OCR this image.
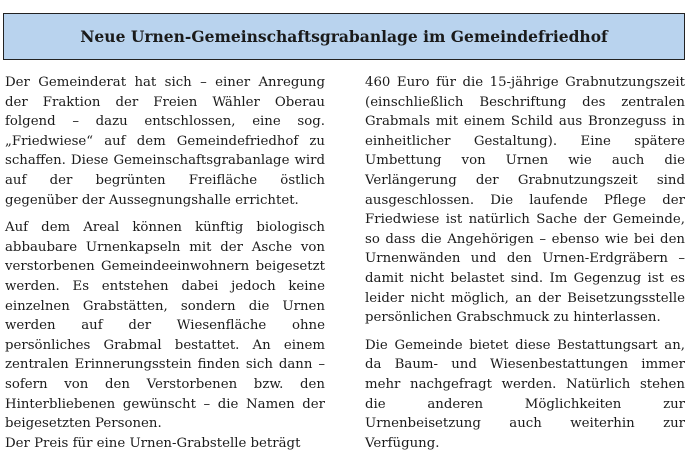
Neue Urnen-Gemeinschaftsgrabanlage im Gemeindefriedhof

Der Gemeinderat hat sich – einer Anregung der Fraktion der Freien Wähler Oberau folgend – dazu entschlossen, eine sog. „Friedwiese“ auf dem Gemeindefriedhof zu schaffen. Diese Gemeinschaftsgrabanlage wird auf der begrünten Freifläche östlich gegenüber der Aussegnungshalle errichtet.

Auf dem Areal können künftig biologisch abbaubare Urnenkapseln mit der Asche von verstorbenen Gemeindeeinwohnern beigesetzt werden. Es entstehen dabei jedoch keine einzelnen Grabstätten, sondern die Urnen werden auf der Wiesenfläche ohne persönliches Grabmal bestattet. An einem zentralen Erinnerungsstein finden sich dann – sofern von den Verstorbenen bzw. den Hinterbliebenen gewünscht – die Namen der beigesetzten Personen.

Der Preis für eine Urnen-Grabstelle beträgt

460 Euro für die 15-jährige Grabnutzungszeit (einschließlich Beschriftung des zentralen Grabmals mit einem Schild aus Bronzeguss in einheitlicher Gestaltung). Eine spätere Umbettung von Urnen wie auch die Verlängerung der Grabnutzungszeit sind ausgeschlossen. Die laufende Pflege der Friedwiese ist natürlich Sache der Gemeinde, so dass die Angehörigen – ebenso wie bei den Urnenwänden und den Urnen-Erdgräbern – damit nicht belastet sind. Im Gegenzug ist es leider nicht möglich, an der Beisetzungsstelle persönlichen Grabschmuck zu hinterlassen.

Die Gemeinde bietet diese Bestattungsart an, da Baum- und Wiesenbestattungen immer mehr nachgefragt werden. Natürlich stehen die anderen Möglichkeiten zur Urnenbeisetzung auch weiterhin zur Verfügung.
